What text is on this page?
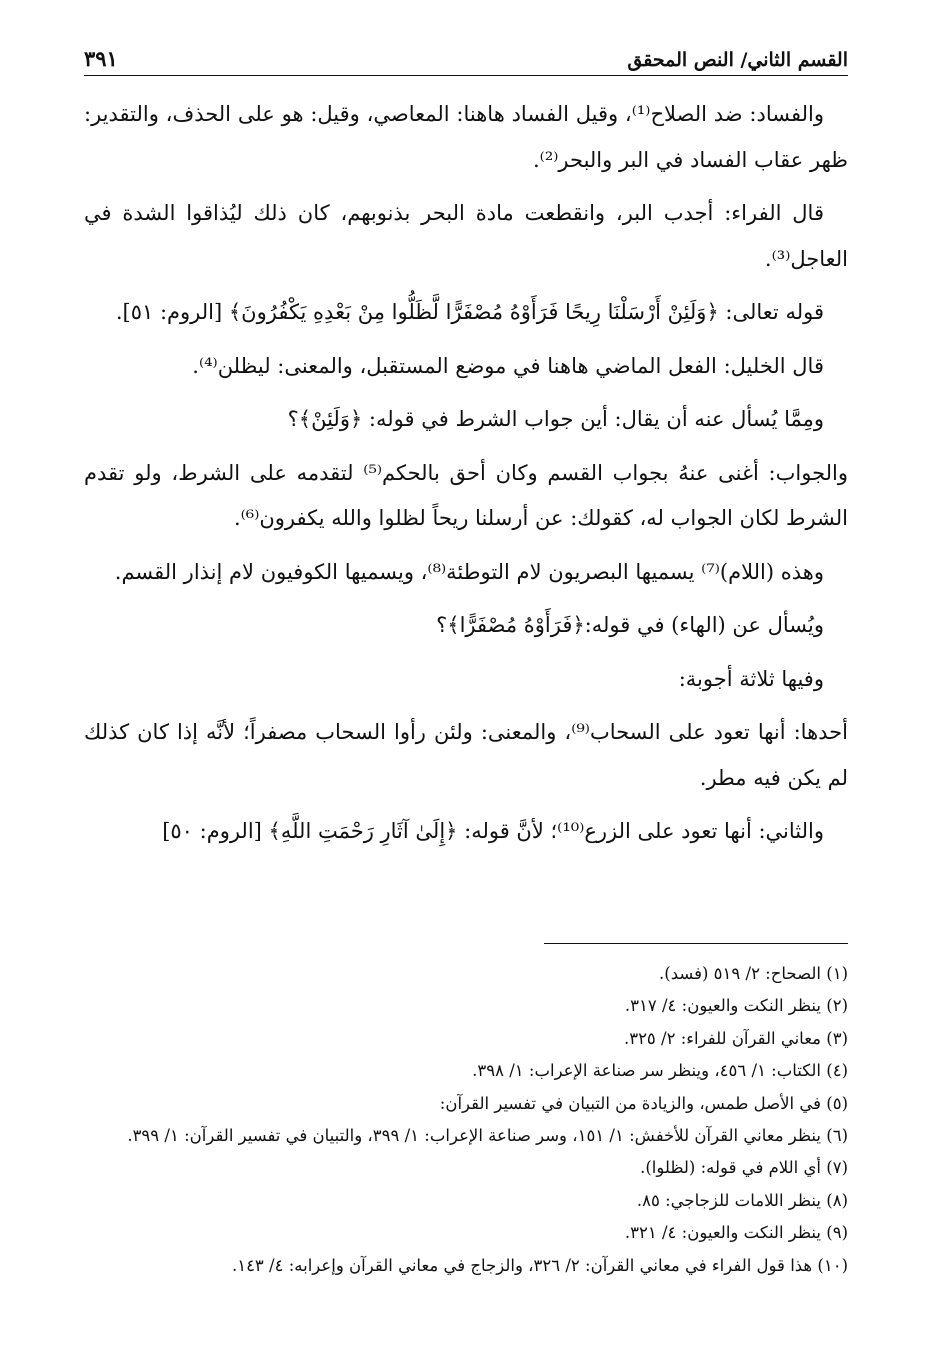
القسم الثاني/ النص المحقق
٣٩١

والفساد: ضد الصلاح⁽¹⁾، وقيل الفساد هاهنا: المعاصي، وقيل: هو على الحذف، والتقدير: ظهر عقاب الفساد في البر والبحر⁽²⁾.

قال الفراء: أجدب البر، وانقطعت مادة البحر بذنوبهم، كان ذلك ليُذاقوا الشدة في العاجل⁽³⁾.

قوله تعالى: ﴿وَلَئِنْ أَرْسَلْنَا رِيحًا فَرَأَوْهُ مُصْفَرًّا لَّظَلُّوا مِنْ بَعْدِهِ يَكْفُرُونَ﴾ [الروم: ٥١].

قال الخليل: الفعل الماضي هاهنا في موضع المستقبل، والمعنى: ليظلن⁽⁴⁾.

ومِمَّا يُسأل عنه أن يقال: أين جواب الشرط في قوله: ﴿وَلَئِنْ﴾؟

والجواب: أغنى عنهُ بجواب القسم وكان أحق بالحكم⁽⁵⁾ لتقدمه على الشرط، ولو تقدم الشرط لكان الجواب له، كقولك: عن أرسلنا ريحاً لظلوا والله يكفرون⁽⁶⁾.

وهذه (اللام)⁽⁷⁾ يسميها البصريون لام التوطئة⁽⁸⁾، ويسميها الكوفيون لام إنذار القسم.

ويُسأل عن (الهاء) في قوله:﴿فَرَأَوْهُ مُصْفَرًّا﴾؟

وفيها ثلاثة أجوبة:

أحدها: أنها تعود على السحاب⁽⁹⁾، والمعنى: ولئن رأوا السحاب مصفراً؛ لأنَّه إذا كان كذلك لم يكن فيه مطر.

والثاني: أنها تعود على الزرع⁽¹⁰⁾؛ لأنَّ قوله: ﴿إِلَىٰ آثَارِ رَحْمَتِ اللَّهِ﴾ [الروم: ٥٠]

(١) الصحاح: ٢/ ٥١٩ (فسد).

(٢) ينظر النكت والعيون: ٤/ ٣١٧.

(٣) معاني القرآن للفراء: ٢/ ٣٢٥.

(٤) الكتاب: ١/ ٤٥٦، وينظر سر صناعة الإعراب: ١/ ٣٩٨.

(٥) في الأصل طمس، والزيادة من التبيان في تفسير القرآن:

(٦) ينظر معاني القرآن للأخفش: ١/ ١٥١، وسر صناعة الإعراب: ١/ ٣٩٩، والتبيان في تفسير القرآن: ١/ ٣٩٩.

(٧) أي اللام في قوله: (لظلوا).

(٨) ينظر اللامات للزجاجي: ٨٥.

(٩) ينظر النكت والعيون: ٤/ ٣٢١.

(١٠) هذا قول الفراء في معاني القرآن: ٢/ ٣٢٦، والزجاج في معاني القرآن وإعرابه: ٤/ ١٤٣.
